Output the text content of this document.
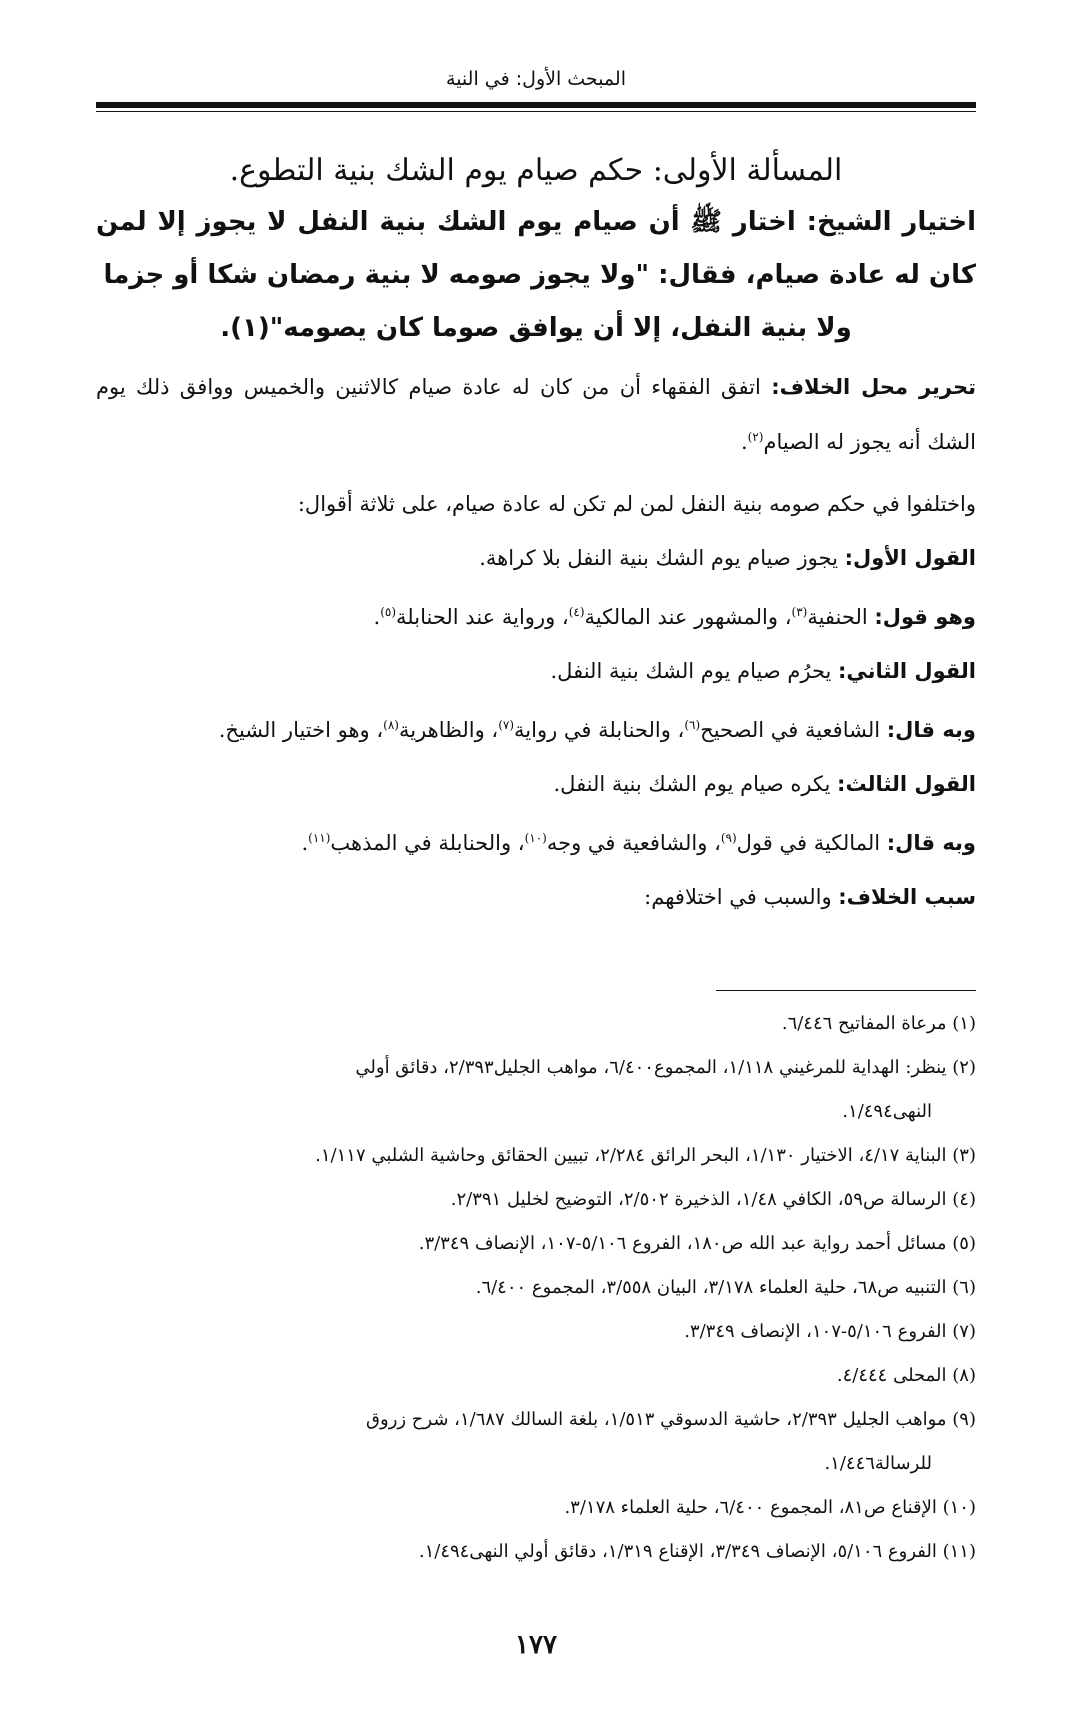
المبحث الأول: في النية
المسألة الأولى: حكم صيام يوم الشك بنية التطوع.
اختيار الشيخ: اختار ﷺ أن صيام يوم الشك بنية النفل لا يجوز إلا لمن كان له عادة صيام، فقال: "ولا يجوز صومه لا بنية رمضان شكا أو جزما
ولا بنية النفل، إلا أن يوافق صوما كان يصومه"(١).

تحرير محل الخلاف: اتفق الفقهاء أن من كان له عادة صيام كالاثنين والخميس ووافق ذلك يوم الشك أنه يجوز له الصيام$^{(٢)}$.

واختلفوا في حكم صومه بنية النفل لمن لم تكن له عادة صيام، على ثلاثة أقوال:

القول الأول: يجوز صيام يوم الشك بنية النفل بلا كراهة.

وهو قول: الحنفية$^{(٣)}$، والمشهور عند المالكية$^{(٤)}$، ورواية عند الحنابلة$^{(٥)}$.

القول الثاني: يحرُم صيام يوم الشك بنية النفل.

وبه قال: الشافعية في الصحيح$^{(٦)}$، والحنابلة في رواية$^{(٧)}$، والظاهرية$^{(٨)}$، وهو اختيار الشيخ.

القول الثالث: يكره صيام يوم الشك بنية النفل.

وبه قال: المالكية في قول$^{(٩)}$، والشافعية في وجه$^{(١٠)}$، والحنابلة في المذهب$^{(١١)}$.

سبب الخلاف: والسبب في اختلافهم:

(١) مرعاة المفاتيح ٦/٤٤٦.

(٢) ينظر: الهداية للمرغيني ١/١١٨، المجموع٦/٤٠٠، مواهب الجليل٢/٣٩٣، دقائق أولي
النهى١/٤٩٤.

(٣) البناية ٤/١٧، الاختيار ١/١٣٠، البحر الرائق ٢/٢٨٤، تبيين الحقائق وحاشية الشلبي ١/١١٧.

(٤) الرسالة ص٥٩، الكافي ١/٤٨، الذخيرة ٢/٥٠٢، التوضيح لخليل ٢/٣٩١.

(٥) مسائل أحمد رواية عبد الله ص١٨٠، الفروع ٥/١٠٦-١٠٧، الإنصاف ٣/٣٤٩.

(٦) التنبيه ص٦٨، حلية العلماء ٣/١٧٨، البيان ٣/٥٥٨، المجموع ٦/٤٠٠.

(٧) الفروع ٥/١٠٦-١٠٧، الإنصاف ٣/٣٤٩.

(٨) المحلى ٤/٤٤٤.

(٩) مواهب الجليل ٢/٣٩٣، حاشية الدسوقي ١/٥١٣، بلغة السالك ١/٦٨٧، شرح زروق
للرسالة١/٤٤٦.

(١٠) الإقناع ص٨١، المجموع ٦/٤٠٠، حلية العلماء ٣/١٧٨.

(١١) الفروع ٥/١٠٦، الإنصاف ٣/٣٤٩، الإقناع ١/٣١٩، دقائق أولي النهى١/٤٩٤.

١٧٧
